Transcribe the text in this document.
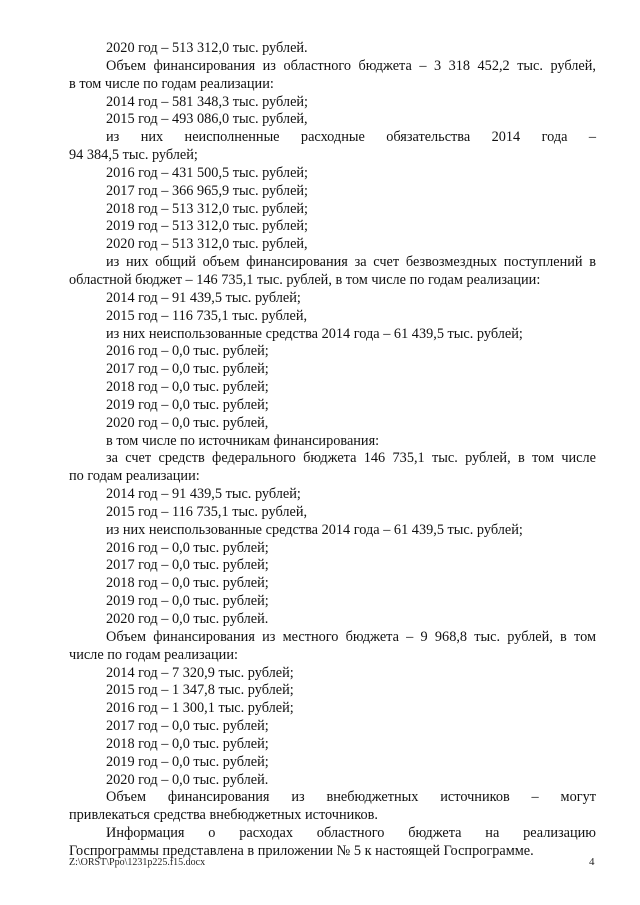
2020 год – 513 312,0 тыс. рублей.
Объем финансирования из областного бюджета – 3 318 452,2 тыс. рублей,
в том числе по годам реализации:
2014 год – 581 348,3 тыс. рублей;
2015 год – 493 086,0 тыс. рублей,
из них неисполненные расходные обязательства 2014 года –
94 384,5 тыс. рублей;
2016 год – 431 500,5 тыс. рублей;
2017 год – 366 965,9 тыс. рублей;
2018 год – 513 312,0 тыс. рублей;
2019 год – 513 312,0 тыс. рублей;
2020 год – 513 312,0 тыс. рублей,
из них общий объем финансирования за счет безвозмездных поступлений в
областной бюджет – 146 735,1 тыс. рублей, в том числе по годам реализации:
2014 год – 91 439,5 тыс. рублей;
2015 год – 116 735,1 тыс. рублей,
из них неиспользованные средства 2014 года – 61 439,5 тыс. рублей;
2016 год – 0,0 тыс. рублей;
2017 год – 0,0 тыс. рублей;
2018 год – 0,0 тыс. рублей;
2019 год – 0,0 тыс. рублей;
2020 год – 0,0 тыс. рублей,
в том числе по источникам финансирования:
за счет средств федерального бюджета 146 735,1 тыс. рублей, в том числе
по годам реализации:
2014 год – 91 439,5 тыс. рублей;
2015 год – 116 735,1 тыс. рублей,
из них неиспользованные средства 2014 года – 61 439,5 тыс. рублей;
2016 год – 0,0 тыс. рублей;
2017 год – 0,0 тыс. рублей;
2018 год – 0,0 тыс. рублей;
2019 год – 0,0 тыс. рублей;
2020 год – 0,0 тыс. рублей.
Объем финансирования из местного бюджета – 9 968,8 тыс. рублей, в том
числе по годам реализации:
2014 год – 7 320,9 тыс. рублей;
2015 год – 1 347,8 тыс. рублей;
2016 год – 1 300,1 тыс. рублей;
2017 год – 0,0 тыс. рублей;
2018 год – 0,0 тыс. рублей;
2019 год – 0,0 тыс. рублей;
2020 год – 0,0 тыс. рублей.
Объем финансирования из внебюджетных источников – могут
привлекаться средства внебюджетных источников.
Информация о расходах областного бюджета на реализацию
Госпрограммы представлена в приложении № 5 к настоящей Госпрограмме.
Z:\ORST\Ppo\1231p225.f15.docx	4
